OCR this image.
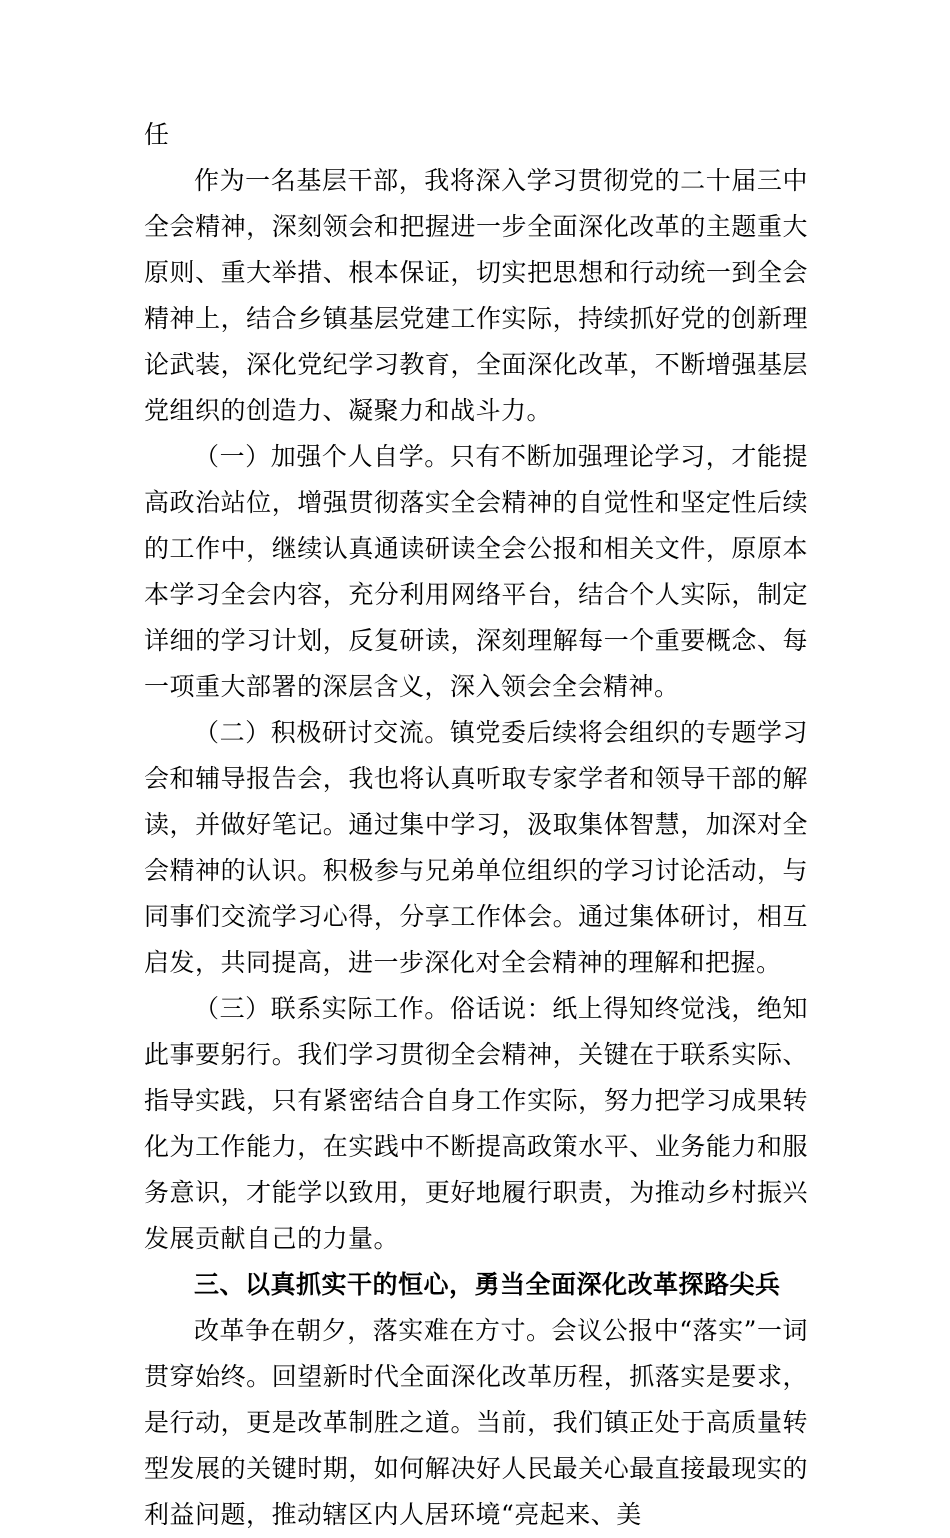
任

作为一名基层干部，我将深入学习贯彻党的二十届三中全会精神，深刻领会和把握进一步全面深化改革的主题重大原则、重大举措、根本保证，切实把思想和行动统一到全会精神上，结合乡镇基层党建工作实际，持续抓好党的创新理论武装，深化党纪学习教育，全面深化改革，不断增强基层党组织的创造力、凝聚力和战斗力。

（一）加强个人自学。只有不断加强理论学习，才能提高政治站位，增强贯彻落实全会精神的自觉性和坚定性后续的工作中，继续认真通读研读全会公报和相关文件，原原本本学习全会内容，充分利用网络平台，结合个人实际，制定详细的学习计划，反复研读，深刻理解每一个重要概念、每一项重大部署的深层含义，深入领会全会精神。

（二）积极研讨交流。镇党委后续将会组织的专题学习会和辅导报告会，我也将认真听取专家学者和领导干部的解读，并做好笔记。通过集中学习，汲取集体智慧，加深对全会精神的认识。积极参与兄弟单位组织的学习讨论活动，与同事们交流学习心得，分享工作体会。通过集体研讨，相互启发，共同提高，进一步深化对全会精神的理解和把握。

（三）联系实际工作。俗话说：纸上得知终觉浅，绝知此事要躬行。我们学习贯彻全会精神，关键在于联系实际、指导实践，只有紧密结合自身工作实际，努力把学习成果转化为工作能力，在实践中不断提高政策水平、业务能力和服务意识，才能学以致用，更好地履行职责，为推动乡村振兴发展贡献自己的力量。

三、以真抓实干的恒心，勇当全面深化改革探路尖兵

改革争在朝夕，落实难在方寸。会议公报中“落实”一词贯穿始终。回望新时代全面深化改革历程，抓落实是要求，是行动，更是改革制胜之道。当前，我们镇正处于高质量转型发展的关键时期，如何解决好人民最关心最直接最现实的利益问题，推动辖区内人居环境“亮起来、美
